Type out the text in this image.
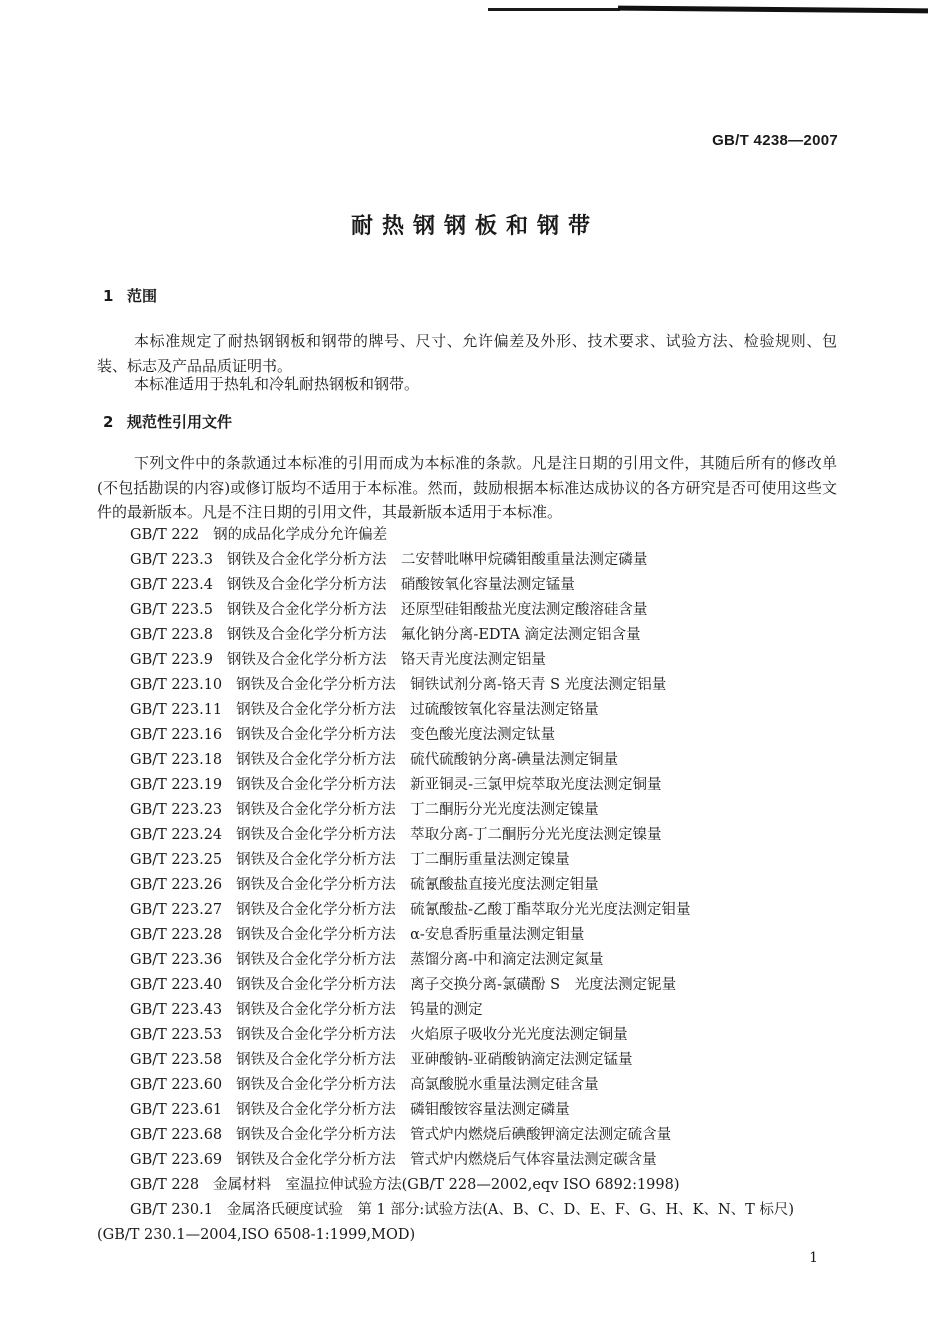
GB/T 4238—2007
耐热钢钢板和钢带
1 范围

本标准规定了耐热钢钢板和钢带的牌号、尺寸、允许偏差及外形、技术要求、试验方法、检验规则、包装、标志及产品品质证明书。

本标准适用于热轧和冷轧耐热钢板和钢带。

2 规范性引用文件

下列文件中的条款通过本标准的引用而成为本标准的条款。凡是注日期的引用文件，其随后所有的修改单(不包括勘误的内容)或修订版均不适用于本标准。然而，鼓励根据本标准达成协议的各方研究是否可使用这些文件的最新版本。凡是不注日期的引用文件，其最新版本适用于本标准。

GB/T 222 钢的成品化学成分允许偏差
GB/T 223.3 钢铁及合金化学分析方法　二安替吡啉甲烷磷钼酸重量法测定磷量
GB/T 223.4 钢铁及合金化学分析方法　硝酸铵氧化容量法测定锰量
GB/T 223.5 钢铁及合金化学分析方法　还原型硅钼酸盐光度法测定酸溶硅含量
GB/T 223.8 钢铁及合金化学分析方法　氟化钠分离-EDTA 滴定法测定铝含量
GB/T 223.9 钢铁及合金化学分析方法　铬天青光度法测定铝量
GB/T 223.10 钢铁及合金化学分析方法　铜铁试剂分离-铬天青 S 光度法测定铝量
GB/T 223.11 钢铁及合金化学分析方法　过硫酸铵氧化容量法测定铬量
GB/T 223.16 钢铁及合金化学分析方法　变色酸光度法测定钛量
GB/T 223.18 钢铁及合金化学分析方法　硫代硫酸钠分离-碘量法测定铜量
GB/T 223.19 钢铁及合金化学分析方法　新亚铜灵-三氯甲烷萃取光度法测定铜量
GB/T 223.23 钢铁及合金化学分析方法　丁二酮肟分光光度法测定镍量
GB/T 223.24 钢铁及合金化学分析方法　萃取分离-丁二酮肟分光光度法测定镍量
GB/T 223.25 钢铁及合金化学分析方法　丁二酮肟重量法测定镍量
GB/T 223.26 钢铁及合金化学分析方法　硫氰酸盐直接光度法测定钼量
GB/T 223.27 钢铁及合金化学分析方法　硫氰酸盐-乙酸丁酯萃取分光光度法测定钼量
GB/T 223.28 钢铁及合金化学分析方法　α-安息香肟重量法测定钼量
GB/T 223.36 钢铁及合金化学分析方法　蒸馏分离-中和滴定法测定氮量
GB/T 223.40 钢铁及合金化学分析方法　离子交换分离-氯磺酚 S　光度法测定铌量
GB/T 223.43 钢铁及合金化学分析方法　钨量的测定
GB/T 223.53 钢铁及合金化学分析方法　火焰原子吸收分光光度法测定铜量
GB/T 223.58 钢铁及合金化学分析方法　亚砷酸钠-亚硝酸钠滴定法测定锰量
GB/T 223.60 钢铁及合金化学分析方法　高氯酸脱水重量法测定硅含量
GB/T 223.61 钢铁及合金化学分析方法　磷钼酸铵容量法测定磷量
GB/T 223.68 钢铁及合金化学分析方法　管式炉内燃烧后碘酸钾滴定法测定硫含量
GB/T 223.69 钢铁及合金化学分析方法　管式炉内燃烧后气体容量法测定碳含量
GB/T 228 金属材料　室温拉伸试验方法(GB/T 228—2002,eqv ISO 6892:1998)
GB/T 230.1 金属洛氏硬度试验　第 1 部分:试验方法(A、B、C、D、E、F、G、H、K、N、T 标尺)
(GB/T 230.1—2004,ISO 6508-1:1999,MOD)
1
